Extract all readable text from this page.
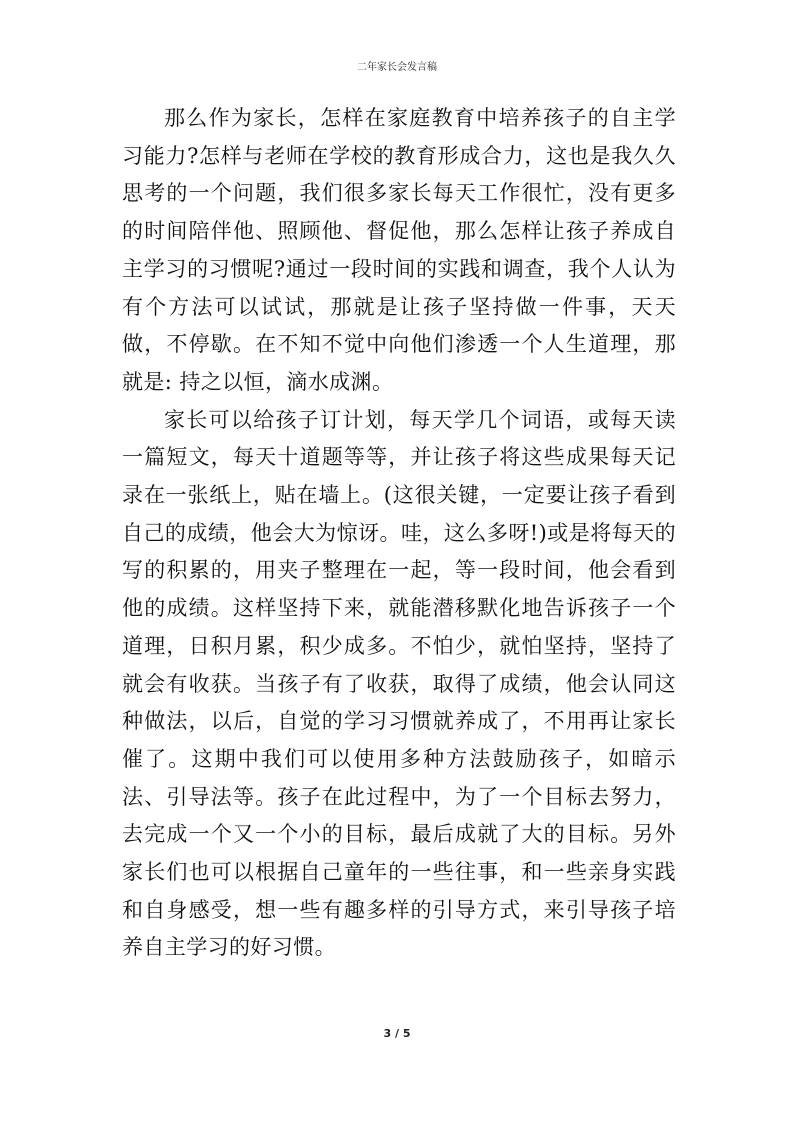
二年家长会发言稿

那么作为家长，怎样在家庭教育中培养孩子的自主学习能力?怎样与老师在学校的教育形成合力，这也是我久久思考的一个问题，我们很多家长每天工作很忙，没有更多的时间陪伴他、照顾他、督促他，那么怎样让孩子养成自主学习的习惯呢?通过一段时间的实践和调查，我个人认为有个方法可以试试，那就是让孩子坚持做一件事，天天做，不停歇。在不知不觉中向他们渗透一个人生道理，那就是: 持之以恒，滴水成渊。

家长可以给孩子订计划，每天学几个词语，或每天读一篇短文，每天十道题等等，并让孩子将这些成果每天记录在一张纸上，贴在墙上。(这很关键，一定要让孩子看到自己的成绩，他会大为惊讶。哇，这么多呀!)或是将每天的写的积累的，用夹子整理在一起，等一段时间，他会看到他的成绩。这样坚持下来，就能潜移默化地告诉孩子一个道理，日积月累，积少成多。不怕少，就怕坚持，坚持了就会有收获。当孩子有了收获，取得了成绩，他会认同这种做法，以后，自觉的学习习惯就养成了，不用再让家长催了。这期中我们可以使用多种方法鼓励孩子，如暗示法、引导法等。孩子在此过程中，为了一个目标去努力，去完成一个又一个小的目标，最后成就了大的目标。另外家长们也可以根据自己童年的一些往事，和一些亲身实践和自身感受，想一些有趣多样的引导方式，来引导孩子培养自主学习的好习惯。

3 / 5
